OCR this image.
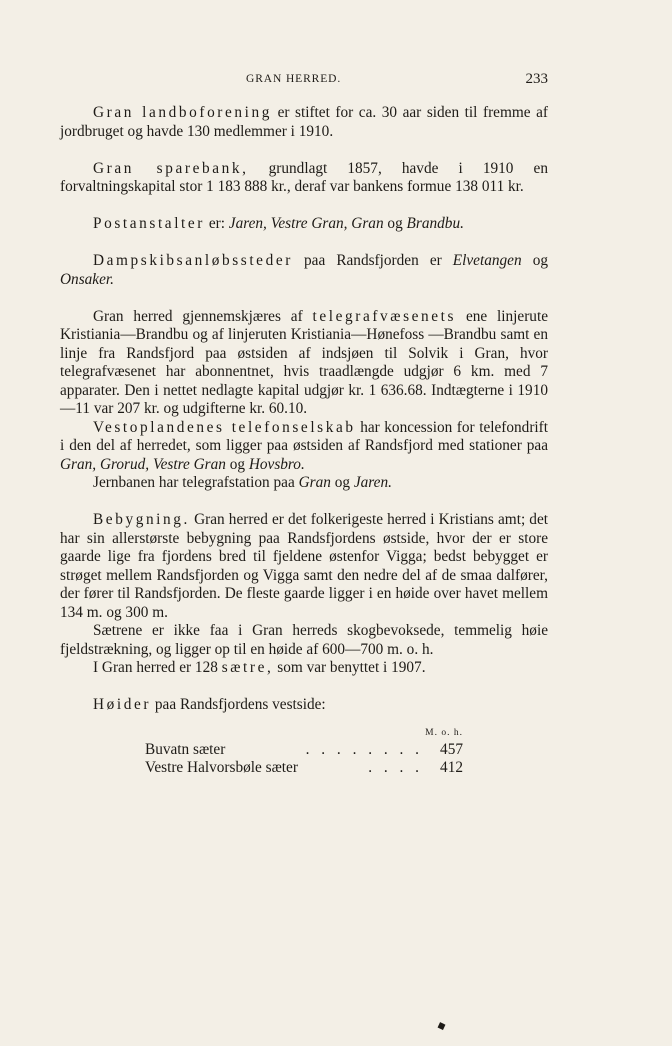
GRAN HERRED.	233

Gran landboforening er stiftet for ca. 30 aar siden til fremme af jordbruget og havde 130 medlemmer i 1910.

Gran sparebank, grundlagt 1857, havde i 1910 en forvaltningskapital stor 1 183 888 kr., deraf var bankens formue 138 011 kr.

Postanstalter er: Jaren, Vestre Gran, Gran og Brandbu.

Dampskibsanløbssteder paa Randsfjorden er Elvetangen og Onsaker.

Gran herred gjennemskjæres af telegrafvæsenets ene linjerute Kristiania—Brandbu og af linjeruten Kristiania—Hønefoss —Brandbu samt en linje fra Randsfjord paa østsiden af indsjøen til Solvik i Gran, hvor telegrafvæsenet har abonnentnet, hvis traadlængde udgjør 6 km. med 7 apparater. Den i nettet nedlagte kapital udgjør kr. 1 636.68. Indtægterne i 1910—11 var 207 kr. og udgifterne kr. 60.10.

Vestoplandenes telefonselskab har koncession for telefondrift i den del af herredet, som ligger paa østsiden af Randsfjord med stationer paa Gran, Grorud, Vestre Gran og Hovsbro.

Jernbanen har telegrafstation paa Gran og Jaren.

Bebygning. Gran herred er det folkerigeste herred i Kristians amt; det har sin allerstørste bebygning paa Randsfjordens østside, hvor der er store gaarde lige fra fjordens bred til fjeldene østenfor Vigga; bedst bebygget er strøget mellem Randsfjorden og Vigga samt den nedre del af de smaa dalfører, der fører til Randsfjorden. De fleste gaarde ligger i en høide over havet mellem 134 m. og 300 m.

Sætrene er ikke faa i Gran herreds skogbevoksede, temmelig høie fjeldstrækning, og ligger op til en høide af 600—700 m. o. h.

I Gran herred er 128 sætre, som var benyttet i 1907.

Høider paa Randsfjordens vestside:

M. o. h.
Buvatn sæter	. . . . . . . .	457
Vestre Halvorsbøle sæter	. . . .	412
◆
